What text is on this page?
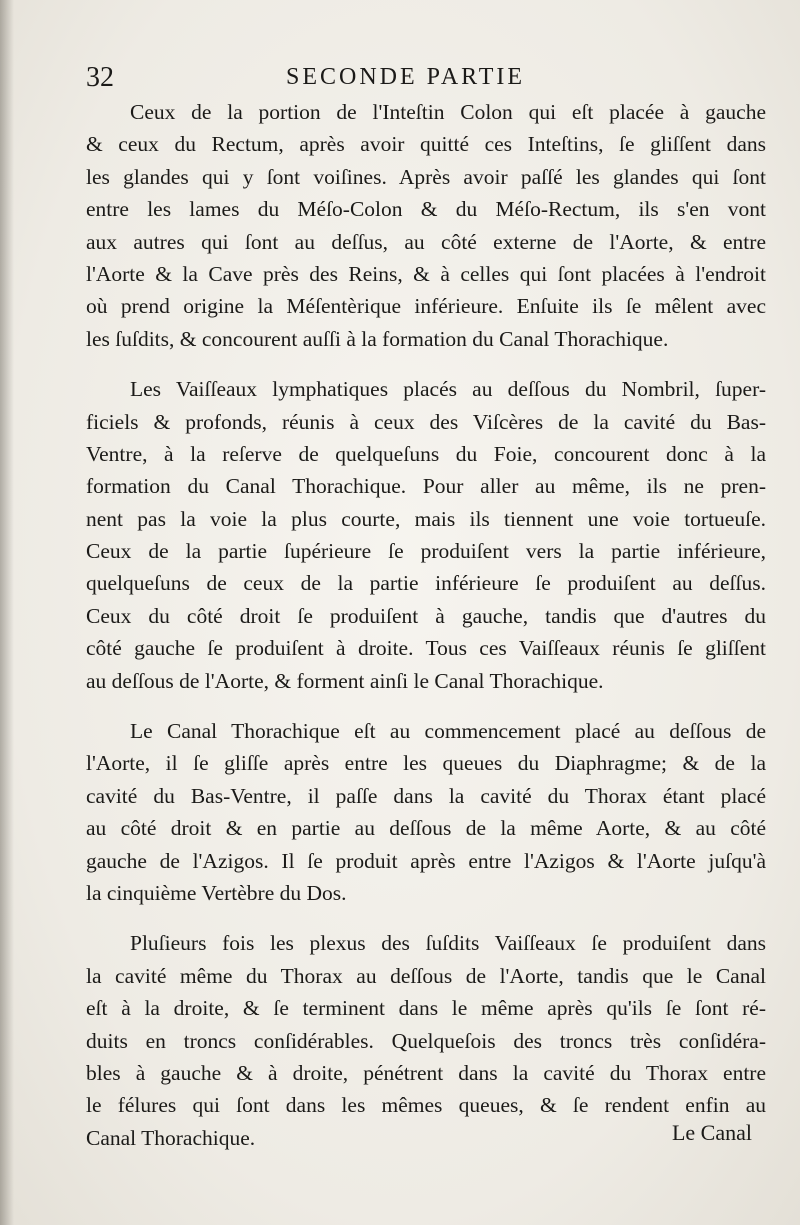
32	SECONDE PARTIE
Ceux de la portion de l'Inteſtin Colon qui eſt placée à gauche
& ceux du Rectum, après avoir quitté ces Inteſtins, ſe gliſſent dans
les glandes qui y ſont voiſines. Après avoir paſſé les glandes qui ſont
entre les lames du Méſo-Colon & du Méſo-Rectum, ils s'en vont
aux autres qui ſont au deſſus, au côté externe de l'Aorte, & entre
l'Aorte & la Cave près des Reins, & à celles qui ſont placées à l'endroit
où prend origine la Méſentèrique inférieure. Enſuite ils ſe mêlent avec
les ſuſdits, & concourent auſſi à la formation du Canal Thorachique.
Les Vaiſſeaux lymphatiques placés au deſſous du Nombril, ſuper-
ficiels & profonds, réunis à ceux des Viſcères de la cavité du Bas-
Ventre, à la reſerve de quelqueſuns du Foie, concourent donc à la
formation du Canal Thorachique. Pour aller au même, ils ne pren-
nent pas la voie la plus courte, mais ils tiennent une voie tortueuſe.
Ceux de la partie ſupérieure ſe produiſent vers la partie inférieure,
quelqueſuns de ceux de la partie inférieure ſe produiſent au deſſus.
Ceux du côté droit ſe produiſent à gauche, tandis que d'autres du
côté gauche ſe produiſent à droite. Tous ces Vaiſſeaux réunis ſe gliſſent
au deſſous de l'Aorte, & forment ainſi le Canal Thorachique.
Le Canal Thorachique eſt au commencement placé au deſſous de
l'Aorte, il ſe gliſſe après entre les queues du Diaphragme; & de la
cavité du Bas-Ventre, il paſſe dans la cavité du Thorax étant placé
au côté droit & en partie au deſſous de la même Aorte, & au côté
gauche de l'Azigos. Il ſe produit après entre l'Azigos & l'Aorte juſqu'à
la cinquième Vertèbre du Dos.
Pluſieurs fois les plexus des ſuſdits Vaiſſeaux ſe produiſent dans
la cavité même du Thorax au deſſous de l'Aorte, tandis que le Canal
eſt à la droite, & ſe terminent dans le même après qu'ils ſe ſont ré-
duits en troncs conſidérables. Quelqueſois des troncs très conſidéra-
bles à gauche & à droite, pénétrent dans la cavité du Thorax entre
le félures qui ſont dans les mêmes queues, & ſe rendent enfin au
Canal Thorachique.	Le Canal
